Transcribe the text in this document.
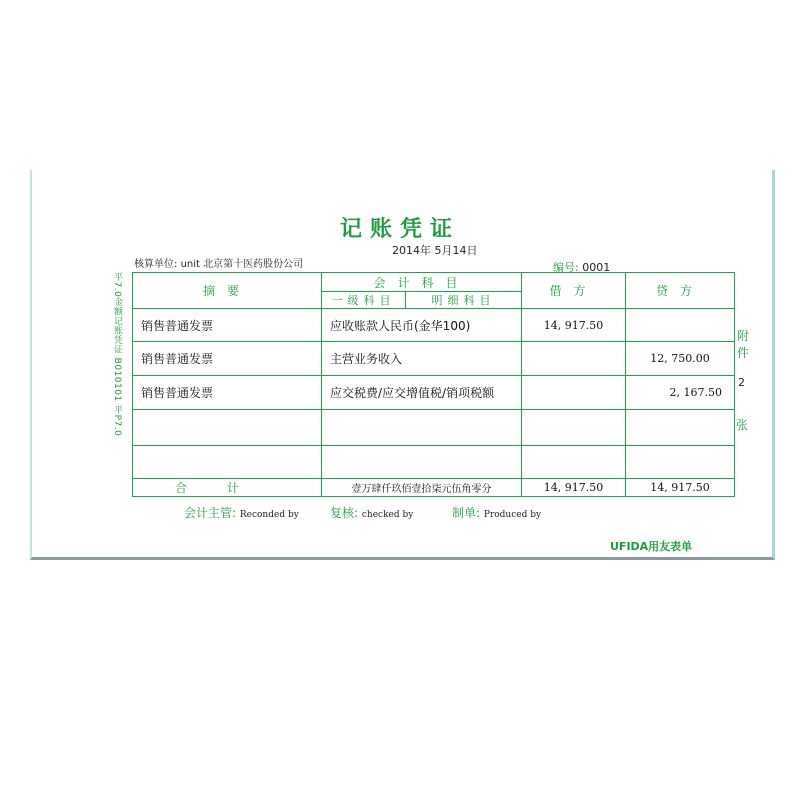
记账凭证
2014年 5月14日
核算单位: unit 北京第十医药股份公司	编号: 0001
平7.0金额记账凭证 B010101 平P7.0	附
件
2
张
摘要	会计科目		借方	贷方
	一级科目	明细科目		
销售普通发票	应收账款人民币(金华100)		14, 917.50	
销售普通发票	主营业务收入			12, 750.00
销售普通发票	应交税费/应交增值税/销项税额			2, 167.50

合计	壹万肆仟玖佰壹拾柒元伍角零分		14, 917.50	14, 917.50
会计主管: Reconded by	复核: checked by	制单: Produced by
UFIDA用友表单
